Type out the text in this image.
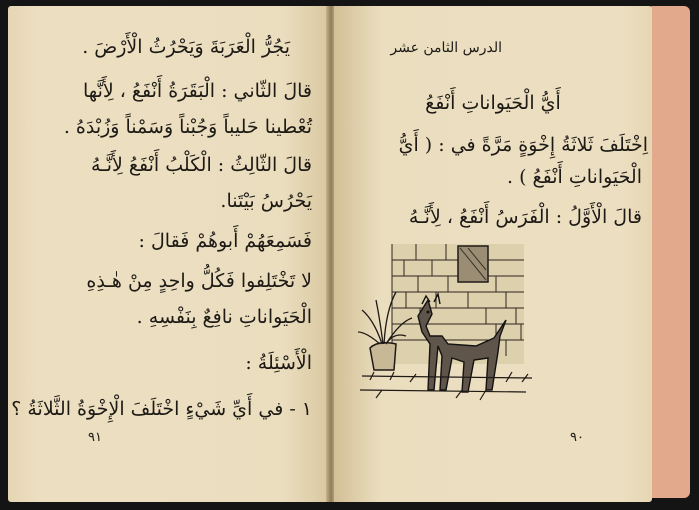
يَجُرُّ الْعَرَبَةَ وَيَحْرُثُ الْأَرْضَ .
قالَ الثّاني : الْبَقَرَةُ أَنْفَعُ ، لِأَنَّها
تُعْطينا حَليباً وَجُبْناً وَسَمْناً وَزُبْدَهُ .
قالَ الثّالِثُ : الْكَلْبُ أَنْفَعُ لِأَنَّـهُ
يَحْرُسُ بَيْتَنا.
فَسَمِعَهُمْ أَبوهُمْ فَقالَ :
لا تَخْتَلِفوا فَكُلُّ واحِدٍ مِنْ هٰـذِهِ
الْحَيَواناتِ نافِعٌ بِنَفْسِهِ .
الْأَسْئِلَةُ :
١ - في أَيِّ شَيْءٍ اخْتَلَفَ الْإِخْوَةُ الثَّلاثَةُ ؟
٩١
الدرس الثامن عشر
أَيُّ الْحَيَواناتِ أَنْفَعُ
اِخْتَلَفَ ثَلاثَةُ إِخْوَةٍ مَرَّةً في : ( أَيُّ
الْحَيَواناتِ أَنْفَعُ ) .
قالَ الْأَوَّلُ : الْفَرَسُ أَنْفَعُ ، لِأَنَّـهُ
٩٠
